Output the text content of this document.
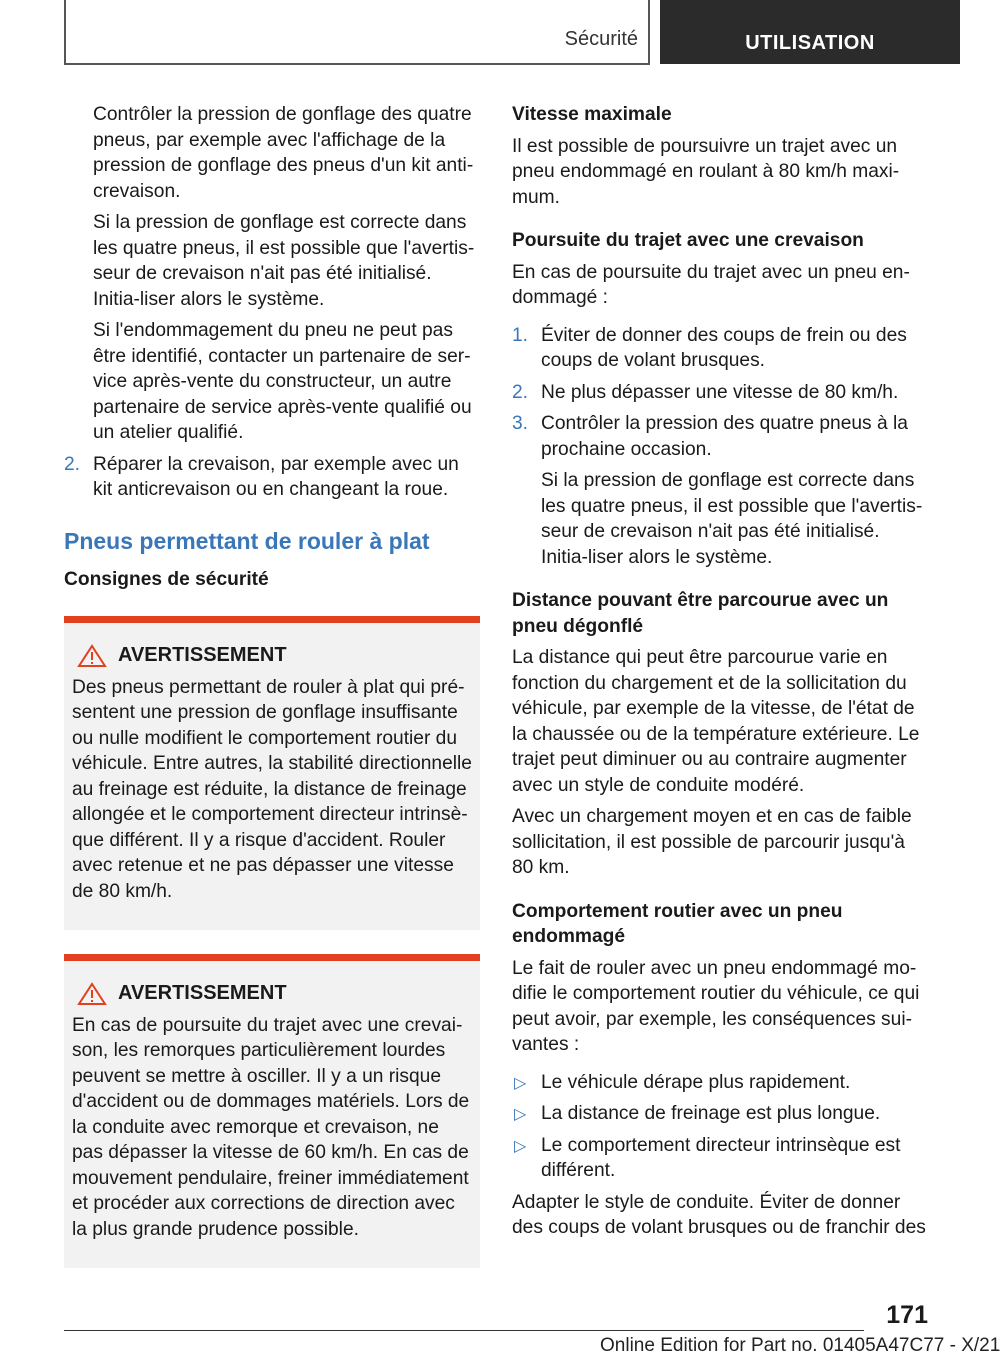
Sécurité	UTILISATION

Contrôler la pression de gonflage des quatre pneus, par exemple avec l'affichage de la pression de gonflage des pneus d'un kit anti-crevaison.

Si la pression de gonflage est correcte dans les quatre pneus, il est possible que l'avertis-seur de crevaison n'ait pas été initialisé. Initia-liser alors le système.

Si l'endommagement du pneu ne peut pas être identifié, contacter un partenaire de ser-vice après-vente du constructeur, un autre partenaire de service après-vente qualifié ou un atelier qualifié.

2. Réparer la crevaison, par exemple avec un kit anticrevaison ou en changeant la roue.
Pneus permettant de rouler à plat
Consignes de sécurité
AVERTISSEMENT

Des pneus permettant de rouler à plat qui pré-sentent une pression de gonflage insuffisante ou nulle modifient le comportement routier du véhicule. Entre autres, la stabilité directionnelle au freinage est réduite, la distance de freinage allongée et le comportement directeur intrinsè-que différent. Il y a risque d'accident. Rouler avec retenue et ne pas dépasser une vitesse de 80 km/h.

AVERTISSEMENT

En cas de poursuite du trajet avec une crevai-son, les remorques particulièrement lourdes peuvent se mettre à osciller. Il y a un risque d'accident ou de dommages matériels. Lors de la conduite avec remorque et crevaison, ne pas dépasser la vitesse de 60 km/h. En cas de mouvement pendulaire, freiner immédiatement et procéder aux corrections de direction avec la plus grande prudence possible.

Vitesse maximale

Il est possible de poursuivre un trajet avec un pneu endommagé en roulant à 80 km/h maxi-mum.

Poursuite du trajet avec une crevaison

En cas de poursuite du trajet avec un pneu en-dommagé :

1. Éviter de donner des coups de frein ou des coups de volant brusques.
2. Ne plus dépasser une vitesse de 80 km/h.
3. Contrôler la pression des quatre pneus à la prochaine occasion.

Si la pression de gonflage est correcte dans les quatre pneus, il est possible que l'avertis-seur de crevaison n'ait pas été initialisé. Initia-liser alors le système.

Distance pouvant être parcourue avec un pneu dégonflé

La distance qui peut être parcourue varie en fonction du chargement et de la sollicitation du véhicule, par exemple de la vitesse, de l'état de la chaussée ou de la température extérieure. Le trajet peut diminuer ou au contraire augmenter avec un style de conduite modéré.

Avec un chargement moyen et en cas de faible sollicitation, il est possible de parcourir jusqu'à 80 km.

Comportement routier avec un pneu endommagé

Le fait de rouler avec un pneu endommagé mo-difie le comportement routier du véhicule, ce qui peut avoir, par exemple, les conséquences sui-vantes :

▷ Le véhicule dérape plus rapidement.
▷ La distance de freinage est plus longue.
▷ Le comportement directeur intrinsèque est différent.

Adapter le style de conduite. Éviter de donner des coups de volant brusques ou de franchir des

171
Online Edition for Part no. 01405A47C77 - X/21
